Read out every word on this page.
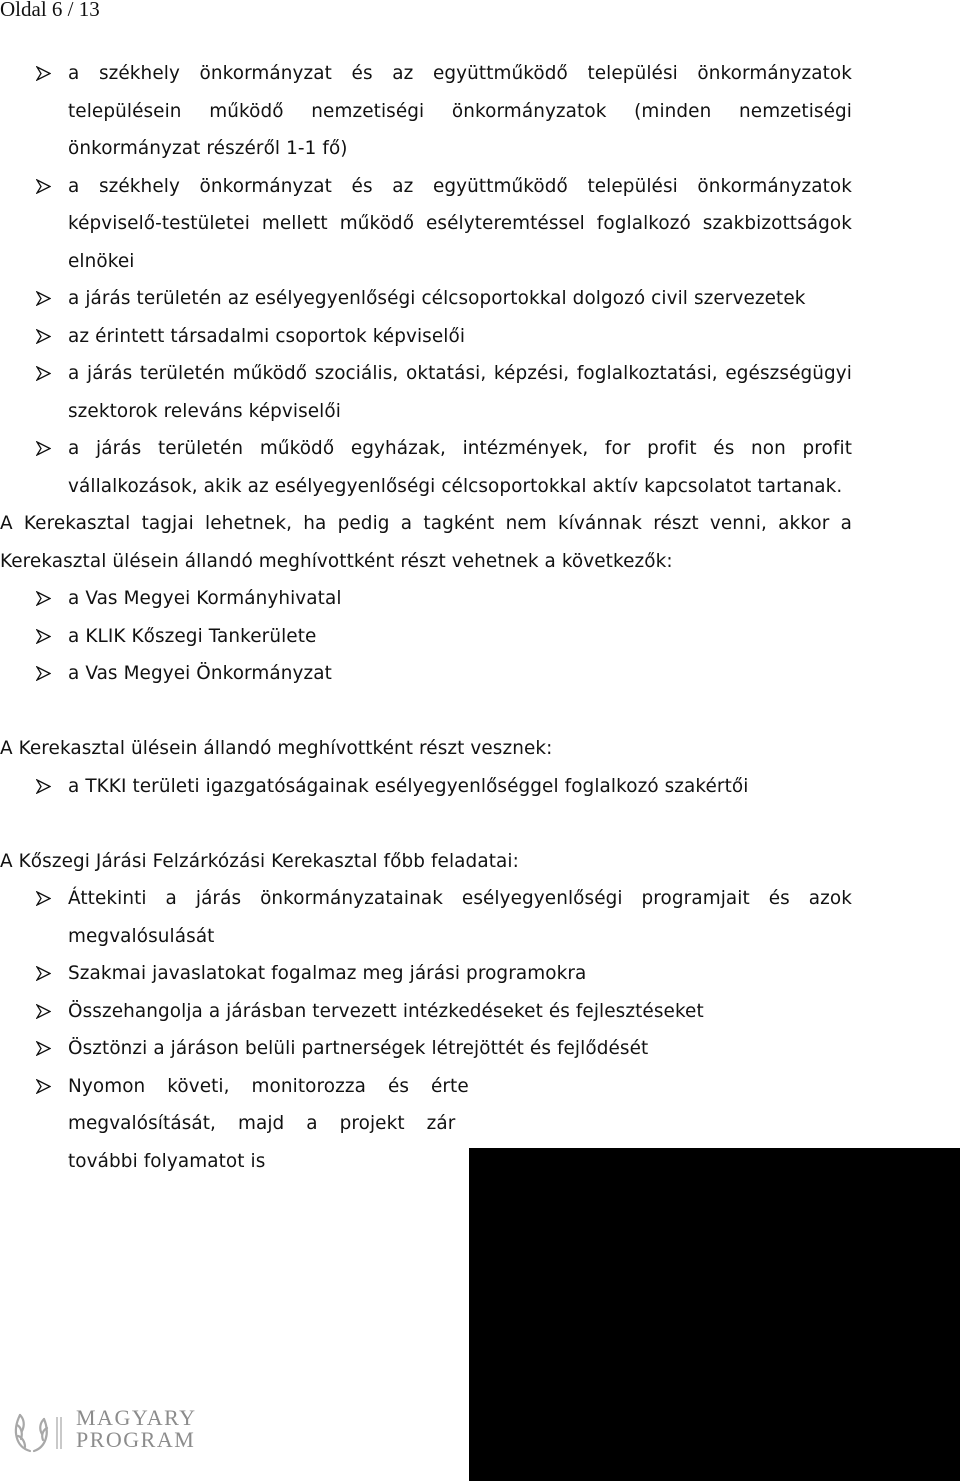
Oldal 6 / 13
a székhely önkormányzat és az együttműködő települési önkormányzatok településein működő nemzetiségi önkormányzatok (minden nemzetiségi önkormányzat részéről 1-1 fő)
a székhely önkormányzat és az együttműködő települési önkormányzatok képviselő-testületei mellett működő esélyteremtéssel foglalkozó szakbizottságok elnökei
a járás területén az esélyegyenlőségi célcsoportokkal dolgozó civil szervezetek
az érintett társadalmi csoportok képviselői
a járás területén működő szociális, oktatási, képzési, foglalkoztatási, egészségügyi szektorok releváns képviselői
a járás területén működő egyházak, intézmények, for profit és non profit vállalkozások, akik az esélyegyenlőségi célcsoportokkal aktív kapcsolatot tartanak.

A Kerekasztal tagjai lehetnek, ha pedig a tagként nem kívánnak részt venni, akkor a Kerekasztal ülésein állandó meghívottként részt vehetnek a következők:

a Vas Megyei Kormányhivatal
a KLIK Kőszegi Tankerülete
a Vas Megyei Önkormányzat

A Kerekasztal ülésein állandó meghívottként részt vesznek:

a TKKI területi igazgatóságainak esélyegyenlőséggel foglalkozó szakértői

A Kőszegi Járási Felzárkózási Kerekasztal főbb feladatai:

Áttekinti a járás önkormányzatainak esélyegyenlőségi programjait és azok megvalósulását
Szakmai javaslatokat fogalmaz meg járási programokra
Összehangolja a járásban tervezett intézkedéseket és fejlesztéseket
Ösztönzi a járáson belüli partnerségek létrejöttét és fejlődését
Nyomon követi, monitorozza és érte
megvalósítását, majd a projekt zár
további folyamatot is
MAGYARY
PROGRAM
